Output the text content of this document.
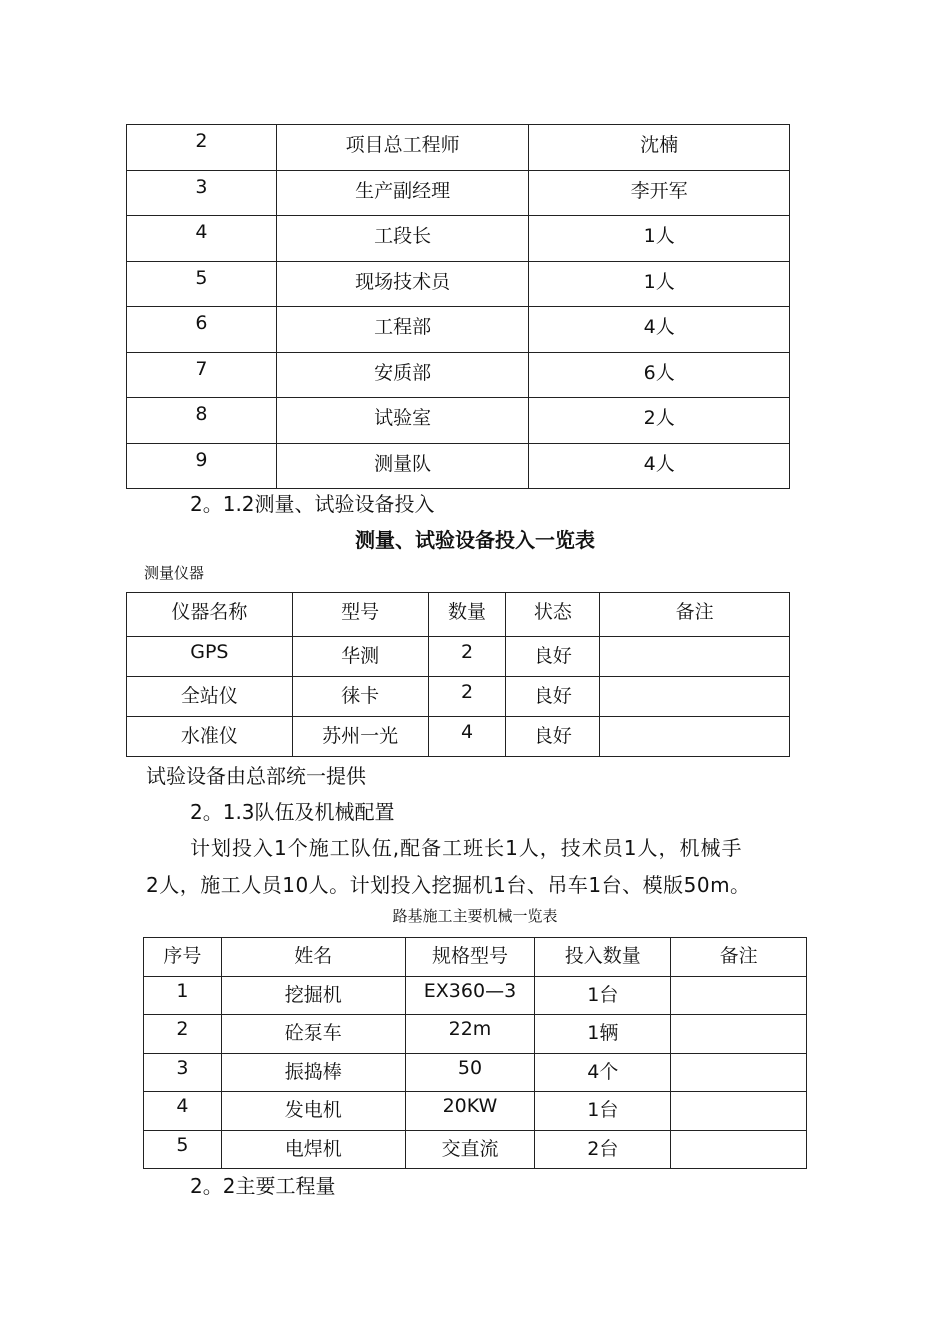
2	项目总工程师	沈楠
3	生产副经理	李开军
4	工段长	1人
5	现场技术员	1人
6	工程部	4人
7	安质部	6人
8	试验室	2人
9	测量队	4人
2。1.2测量、试验设备投入
测量、试验设备投入一览表
测量仪器
仪器名称	型号	数量	状态	备注
GPS	华测	2	良好	
全站仪	徕卡	2	良好	
水准仪	苏州一光	4	良好	
试验设备由总部统一提供
2。1.3队伍及机械配置
计划投入1个施工队伍,配备工班长1人，技术员1人，机械手
2人，施工人员10人。计划投入挖掘机1台、吊车1台、模版50m。
路基施工主要机械一览表
序号	姓名	规格型号	投入数量	备注
1	挖掘机	EX360—3	1台	
2	砼泵车	22m	1辆	
3	振捣棒	50	4个	
4	发电机	20KW	1台	
5	电焊机	交直流	2台	
2。2主要工程量
